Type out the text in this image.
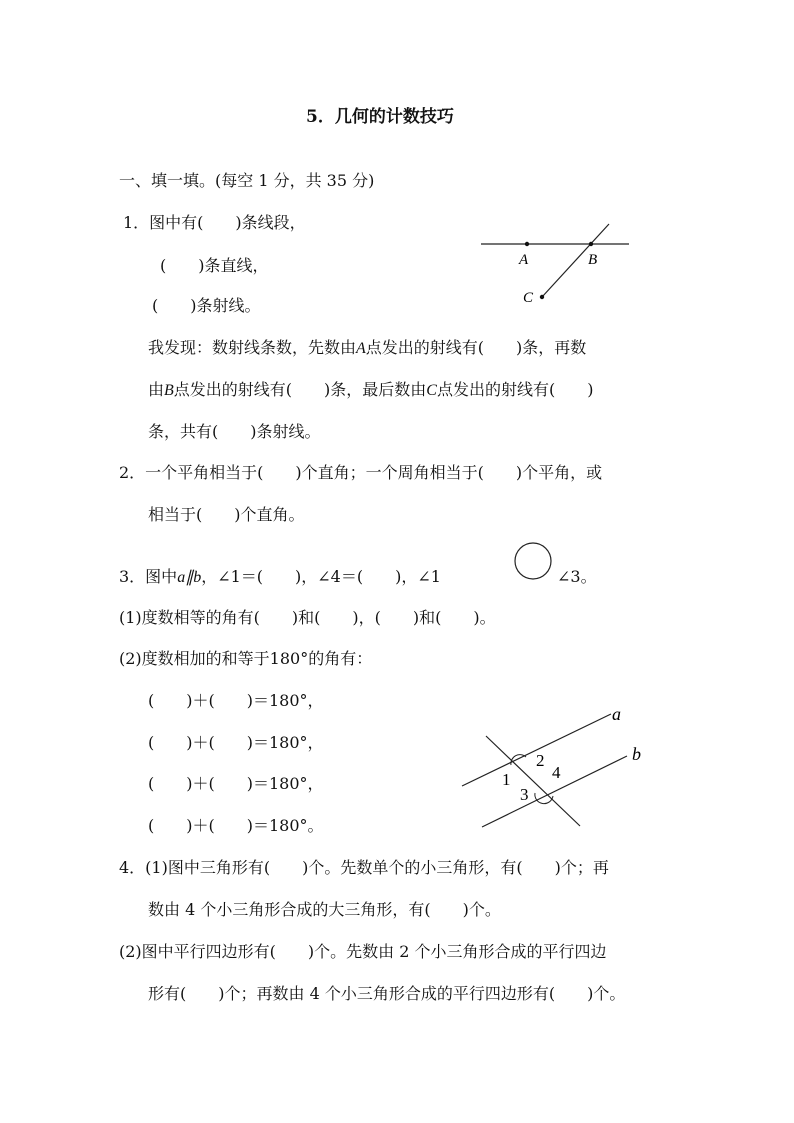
5．几何的计数技巧
一、填一填。(每空 1 分，共 35 分)
1．图中有(　　)条线段，
(　　)条直线，
(　　)条射线。
我发现：数射线条数，先数由A点发出的射线有(　　)条，再数
由B点发出的射线有(　　)条，最后数由C点发出的射线有(　　)
条，共有(　　)条射线。
A	B
C
2．一个平角相当于(　　)个直角；一个周角相当于(　　)个平角，或
相当于(　　)个直角。
3．图中a∥b，∠1＝(　　)，∠4＝(　　)，∠1	∠3。
(1)度数相等的角有(　　)和(　　)，(　　)和(　　)。
(2)度数相加的和等于180°的角有：
(　　)＋(　　)＝180°，
(　　)＋(　　)＝180°，
(　　)＋(　　)＝180°，
(　　)＋(　　)＝180°。
a
b
1
2
3
4
4．(1)图中三角形有(　　)个。先数单个的小三角形，有(　　)个；再
数由 4 个小三角形合成的大三角形，有(　　)个。
(2)图中平行四边形有(　　)个。先数由 2 个小三角形合成的平行四边
形有(　　)个；再数由 4 个小三角形合成的平行四边形有(　　)个。
